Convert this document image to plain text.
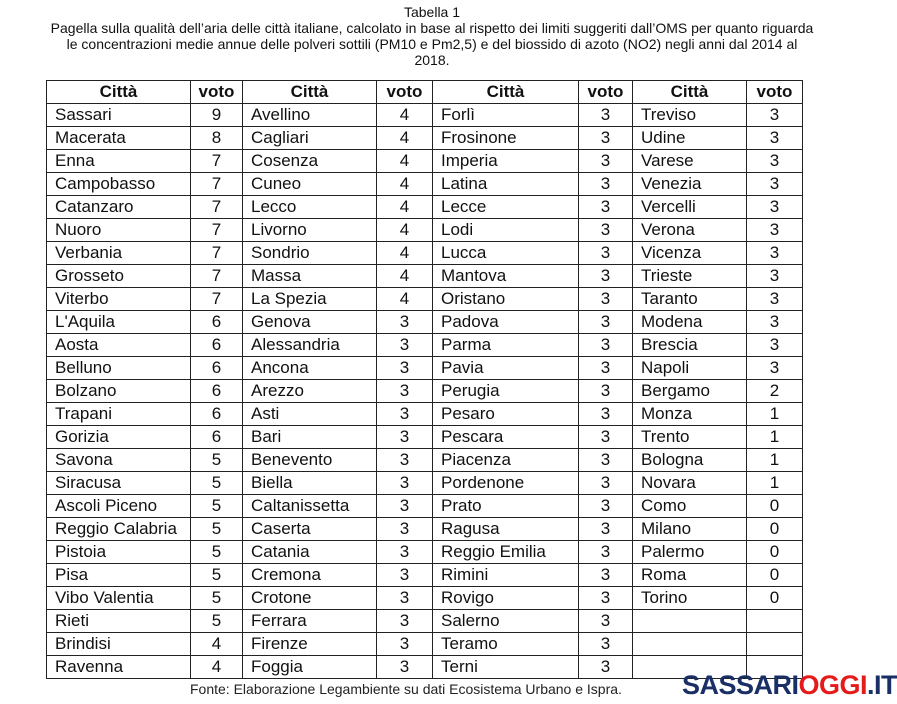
Tabella 1
Pagella sulla qualità dell’aria delle città italiane, calcolato in base al rispetto dei limiti suggeriti dall’OMS per quanto riguarda le concentrazioni medie annue delle polveri sottili (PM10 e Pm2,5) e del biossido di azoto (NO2) negli anni dal 2014 al 2018.
Città	voto	Città	voto	Città	voto	Città	voto
Sassari	9	Avellino	4	Forlì	3	Treviso	3
Macerata	8	Cagliari	4	Frosinone	3	Udine	3
Enna	7	Cosenza	4	Imperia	3	Varese	3
Campobasso	7	Cuneo	4	Latina	3	Venezia	3
Catanzaro	7	Lecco	4	Lecce	3	Vercelli	3
Nuoro	7	Livorno	4	Lodi	3	Verona	3
Verbania	7	Sondrio	4	Lucca	3	Vicenza	3
Grosseto	7	Massa	4	Mantova	3	Trieste	3
Viterbo	7	La Spezia	4	Oristano	3	Taranto	3
L'Aquila	6	Genova	3	Padova	3	Modena	3
Aosta	6	Alessandria	3	Parma	3	Brescia	3
Belluno	6	Ancona	3	Pavia	3	Napoli	3
Bolzano	6	Arezzo	3	Perugia	3	Bergamo	2
Trapani	6	Asti	3	Pesaro	3	Monza	1
Gorizia	6	Bari	3	Pescara	3	Trento	1
Savona	5	Benevento	3	Piacenza	3	Bologna	1
Siracusa	5	Biella	3	Pordenone	3	Novara	1
Ascoli Piceno	5	Caltanissetta	3	Prato	3	Como	0
Reggio Calabria	5	Caserta	3	Ragusa	3	Milano	0
Pistoia	5	Catania	3	Reggio Emilia	3	Palermo	0
Pisa	5	Cremona	3	Rimini	3	Roma	0
Vibo Valentia	5	Crotone	3	Rovigo	3	Torino	0
Rieti	5	Ferrara	3	Salerno	3		
Brindisi	4	Firenze	3	Teramo	3		
Ravenna	4	Foggia	3	Terni	3		
Fonte: Elaborazione Legambiente su dati Ecosistema Urbano e Ispra. SASSARIOGGI.IT
